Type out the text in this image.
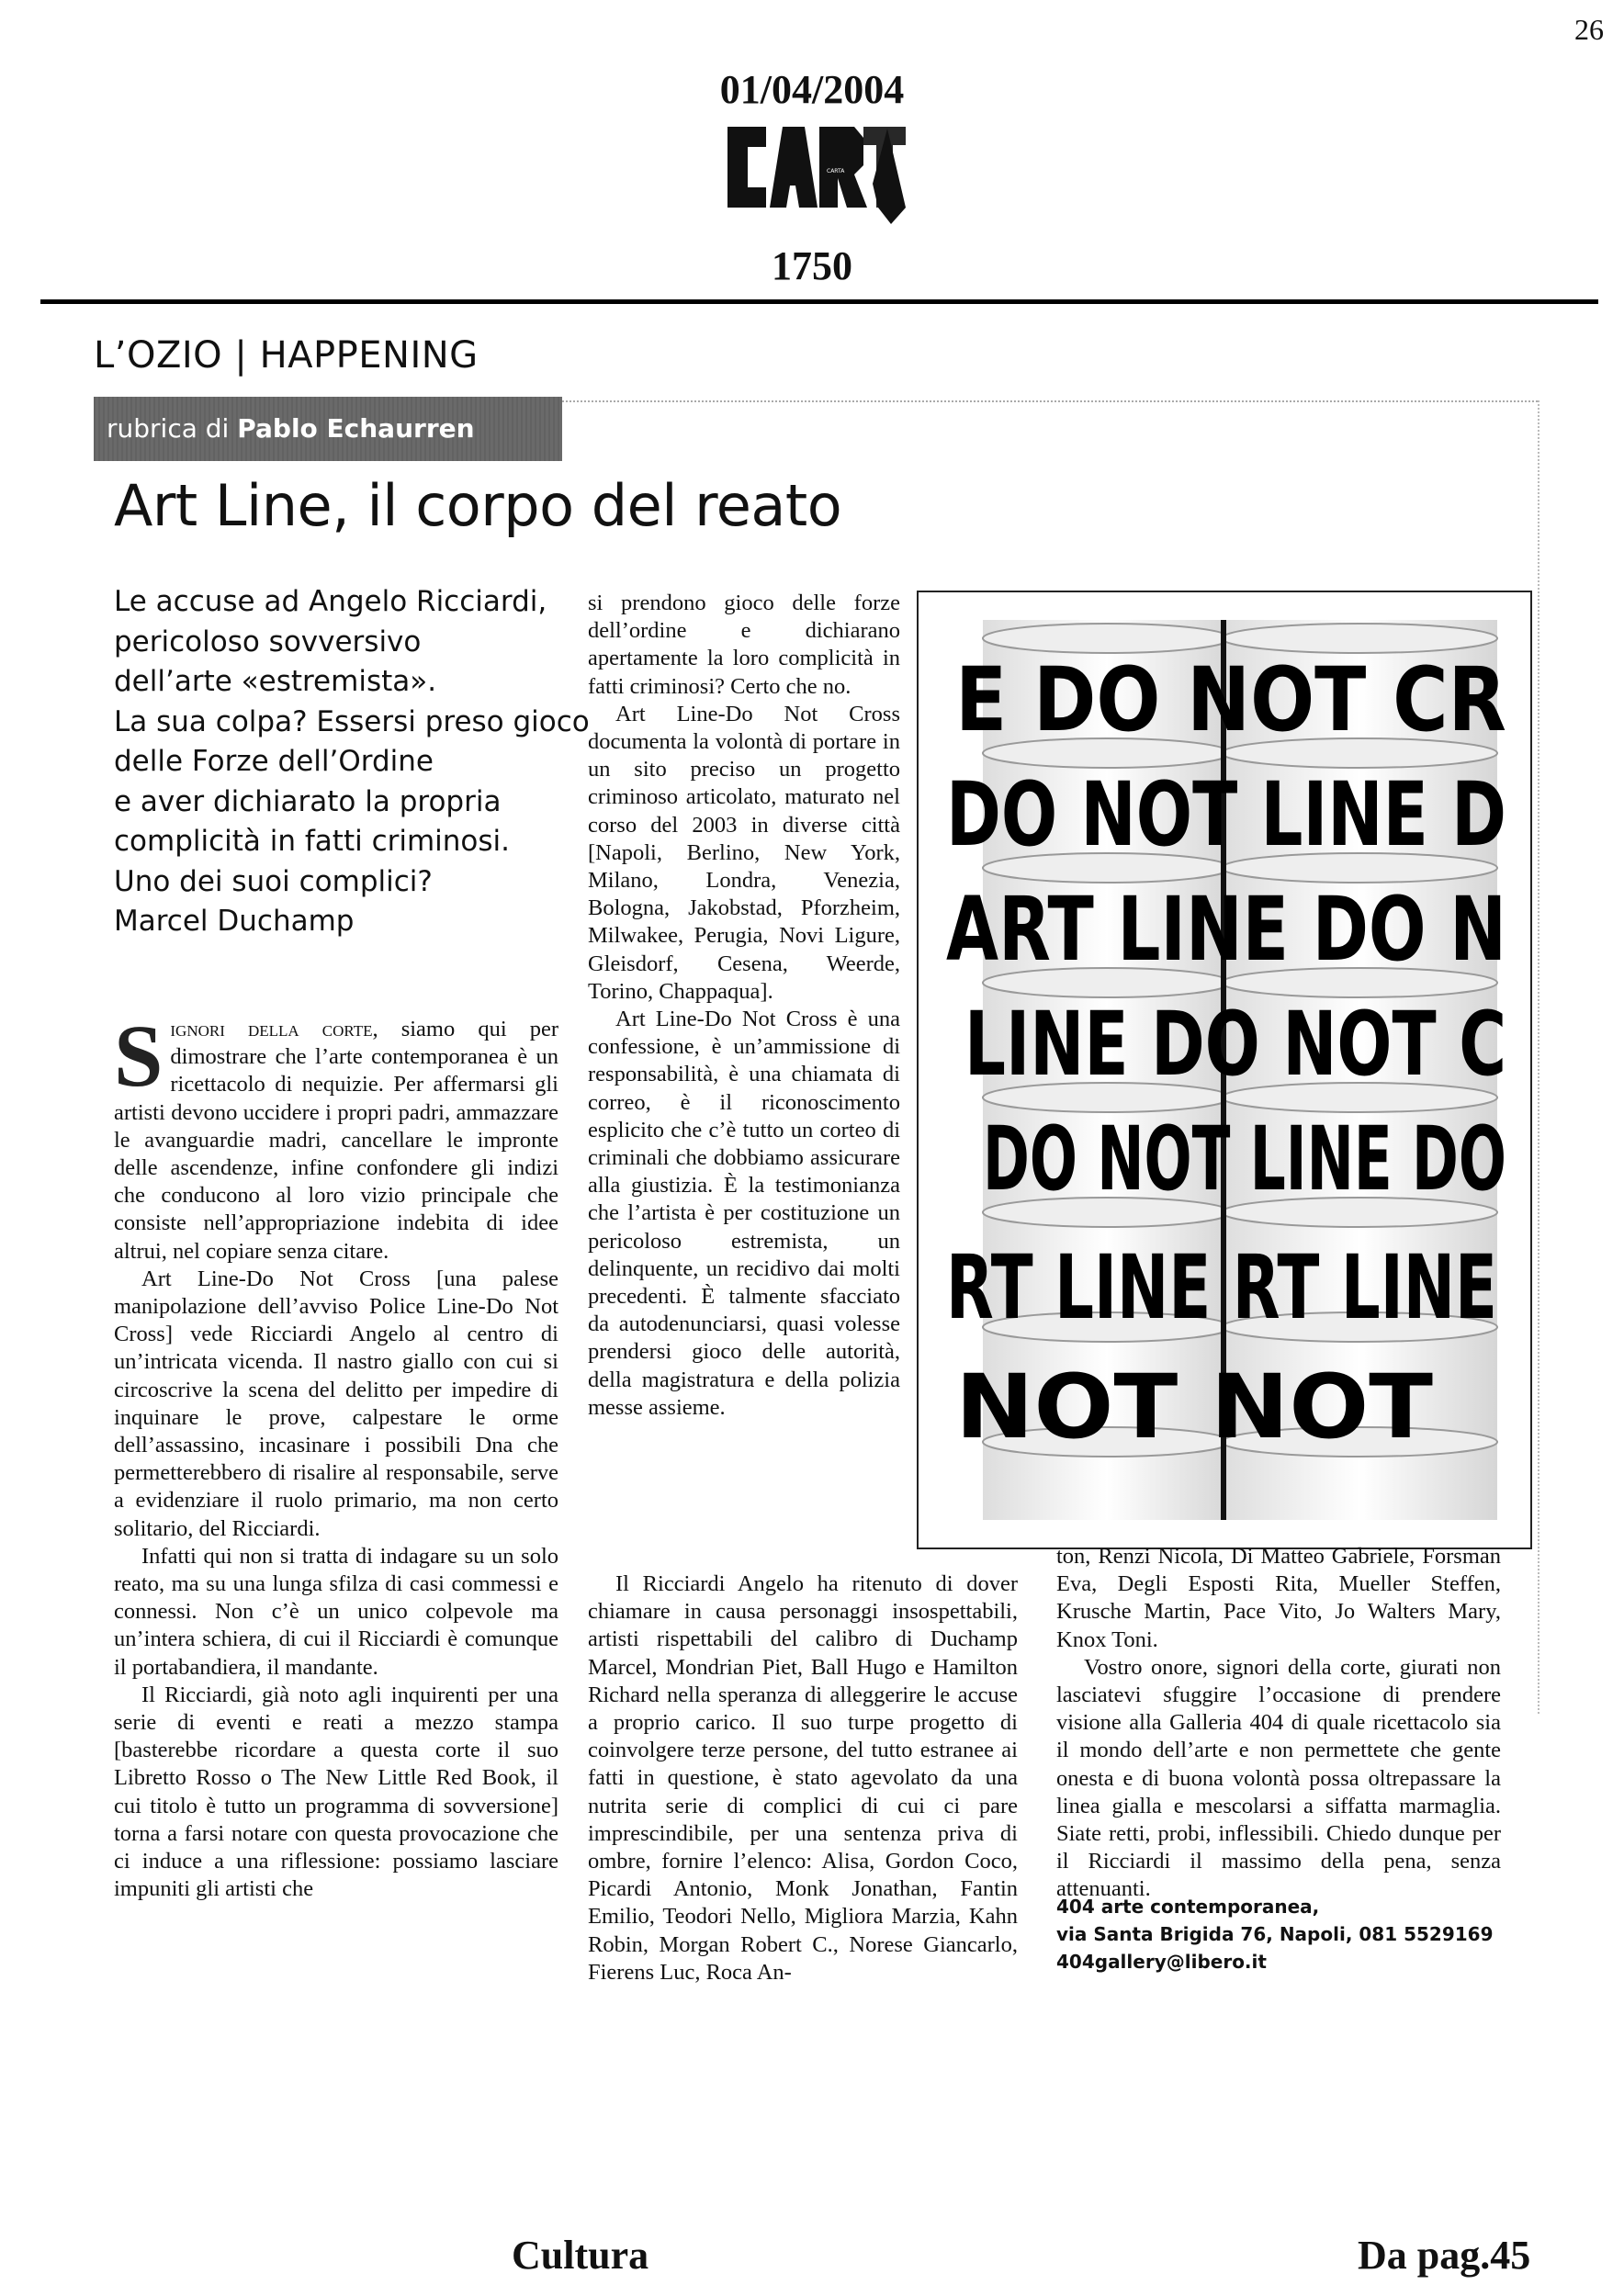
26
01/04/2004
CARTA
1750
L’OZIO | HAPPENING
rubrica di Pablo Echaurren
Art Line, il corpo del reato
Le accuse ad Angelo Ricciardi,
pericoloso sovversivo
dell’arte «estremista».
La sua colpa? Essersi preso gioco
delle Forze dell’Ordine
e aver dichiarato la propria
complicità in fatti criminosi.
Uno dei suoi complici?
Marcel Duchamp

Signori della corte, siamo qui per dimostrare che l’arte contemporanea è un ricettacolo di nequizie. Per affermarsi gli artisti devono uccidere i propri padri, ammazzare le avanguardie madri, cancellare le impronte delle ascendenze, infine confondere gli indizi che conducono al loro vizio principale che consiste nell’appropriazione indebita di idee altrui, nel copiare senza citare.

Art Line-Do Not Cross [una palese manipolazione dell’avviso Police Line-Do Not Cross] vede Ricciardi Angelo al centro di un’intricata vicenda. Il nastro giallo con cui si circoscrive la scena del delitto per impedire di inquinare le prove, calpestare le orme dell’assassino, incasinare i possibili Dna che permetterebbero di risalire al responsabile, serve a evidenziare il ruolo primario, ma non certo solitario, del Ricciardi.

Infatti qui non si tratta di indagare su un solo reato, ma su una lunga sfilza di casi commessi e connessi. Non c’è un unico colpevole ma un’intera schiera, di cui il Ricciardi è comunque il portabandiera, il mandante.

Il Ricciardi, già noto agli inquirenti per una serie di eventi e reati a mezzo stampa [basterebbe ricordare a questa corte il suo Libretto Rosso o The New Little Red Book, il cui titolo è tutto un programma di sovversione] torna a farsi notare con questa provocazione che ci induce a una riflessione: possiamo lasciare impuniti gli artisti che

si prendono gioco delle forze dell’ordine e dichiarano apertamente la loro complicità in fatti criminosi? Certo che no.

Art Line-Do Not Cross documenta la volontà di portare in un sito preciso un progetto criminoso articolato, maturato nel corso del 2003 in diverse città [Napoli, Berlino, New York, Milano, Londra, Venezia, Bologna, Jakobstad, Pforzheim, Milwakee, Perugia, Novi Ligure, Gleisdorf, Cesena, Weerde, Torino, Chappaqua].

Art Line-Do Not Cross è una confessione, è un’ammissione di responsabilità, è una chiamata di correo, è il riconoscimento esplicito che c’è tutto un corteo di criminali che dobbiamo assicurare alla giustizia. È la testimonianza che l’artista è per costituzione un pericoloso estremista, un delinquente, un recidivo dai molti precedenti. È talmente sfacciato da autodenunciarsi, quasi volesse prendersi gioco delle autorità, della magistratura e della polizia messe assieme.

E DO NOT CR
DO NOT LINE D
ART LINE DO N
LINE DO NOT C
DO NOT LINE DO
RT LINE RT LINE
NOT NOT

Il Ricciardi Angelo ha ritenuto di dover chiamare in causa personaggi insospettabili, artisti rispettabili del calibro di Duchamp Marcel, Mondrian Piet, Ball Hugo e Hamilton Richard nella speranza di alleggerire le accuse a proprio carico. Il suo turpe progetto di coinvolgere terze persone, del tutto estranee ai fatti in questione, è stato agevolato da una nutrita serie di complici di cui ci pare imprescindibile, per una sentenza priva di ombre, fornire l’elenco: Alisa, Gordon Coco, Picardi Antonio, Monk Jonathan, Fantin Emilio, Teodori Nello, Migliora Marzia, Kahn Robin, Morgan Robert C., Norese Giancarlo, Fierens Luc, Roca An-

ton, Renzi Nicola, Di Matteo Gabriele, Forsman Eva, Degli Esposti Rita, Mueller Steffen, Krusche Martin, Pace Vito, Jo Walters Mary, Knox Toni.

Vostro onore, signori della corte, giurati non lasciatevi sfuggire l’occasione di prendere visione alla Galleria 404 di quale ricettacolo sia il mondo dell’arte e non permettete che gente onesta e di buona volontà possa oltrepassare la linea gialla e mescolarsi a siffatta marmaglia. Siate retti, probi, inflessibili. Chiedo dunque per il Ricciardi il massimo della pena, senza attenuanti.

404 arte contemporanea,
via Santa Brigida 76, Napoli, 081 5529169
404gallery@libero.it
Cultura	Da pag.45
